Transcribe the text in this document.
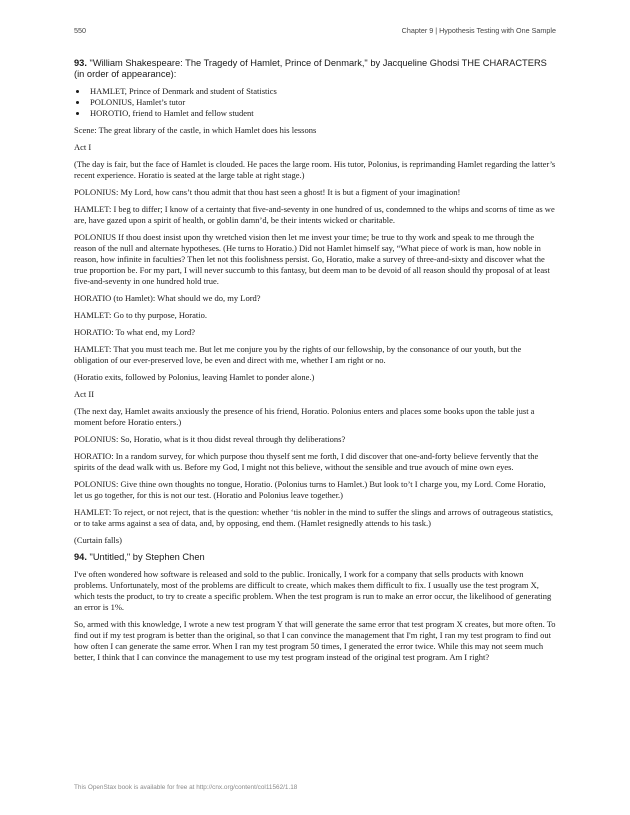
550	Chapter 9 | Hypothesis Testing with One Sample

93. "William Shakespeare: The Tragedy of Hamlet, Prince of Denmark," by Jacqueline Ghodsi THE CHARACTERS (in order of appearance):

• HAMLET, Prince of Denmark and student of Statistics
• POLONIUS, Hamlet’s tutor
• HOROTIO, friend to Hamlet and fellow student

Scene: The great library of the castle, in which Hamlet does his lessons

Act I

(The day is fair, but the face of Hamlet is clouded. He paces the large room. His tutor, Polonius, is reprimanding Hamlet regarding the latter’s recent experience. Horatio is seated at the large table at right stage.)

POLONIUS: My Lord, how cans’t thou admit that thou hast seen a ghost! It is but a figment of your imagination!

HAMLET: I beg to differ; I know of a certainty that five-and-seventy in one hundred of us, condemned to the whips and scorns of time as we are, have gazed upon a spirit of health, or goblin damn’d, be their intents wicked or charitable.

POLONIUS If thou doest insist upon thy wretched vision then let me invest your time; be true to thy work and speak to me through the reason of the null and alternate hypotheses. (He turns to Horatio.) Did not Hamlet himself say, “What piece of work is man, how noble in reason, how infinite in faculties? Then let not this foolishness persist. Go, Horatio, make a survey of three-and-sixty and discover what the true proportion be. For my part, I will never succumb to this fantasy, but deem man to be devoid of all reason should thy proposal of at least five-and-seventy in one hundred hold true.

HORATIO (to Hamlet): What should we do, my Lord?

HAMLET: Go to thy purpose, Horatio.

HORATIO: To what end, my Lord?

HAMLET: That you must teach me. But let me conjure you by the rights of our fellowship, by the consonance of our youth, but the obligation of our ever-preserved love, be even and direct with me, whether I am right or no.

(Horatio exits, followed by Polonius, leaving Hamlet to ponder alone.)

Act II

(The next day, Hamlet awaits anxiously the presence of his friend, Horatio. Polonius enters and places some books upon the table just a moment before Horatio enters.)

POLONIUS: So, Horatio, what is it thou didst reveal through thy deliberations?

HORATIO: In a random survey, for which purpose thou thyself sent me forth, I did discover that one-and-forty believe fervently that the spirits of the dead walk with us. Before my God, I might not this believe, without the sensible and true avouch of mine own eyes.

POLONIUS: Give thine own thoughts no tongue, Horatio. (Polonius turns to Hamlet.) But look to’t I charge you, my Lord. Come Horatio, let us go together, for this is not our test. (Horatio and Polonius leave together.)

HAMLET: To reject, or not reject, that is the question: whether ‘tis nobler in the mind to suffer the slings and arrows of outrageous statistics, or to take arms against a sea of data, and, by opposing, end them. (Hamlet resignedly attends to his task.)

(Curtain falls)

94. "Untitled," by Stephen Chen

I've often wondered how software is released and sold to the public. Ironically, I work for a company that sells products with known problems. Unfortunately, most of the problems are difficult to create, which makes them difficult to fix. I usually use the test program X, which tests the product, to try to create a specific problem. When the test program is run to make an error occur, the likelihood of generating an error is 1%.

So, armed with this knowledge, I wrote a new test program Y that will generate the same error that test program X creates, but more often. To find out if my test program is better than the original, so that I can convince the management that I'm right, I ran my test program to find out how often I can generate the same error. When I ran my test program 50 times, I generated the error twice. While this may not seem much better, I think that I can convince the management to use my test program instead of the original test program. Am I right?

This OpenStax book is available for free at http://cnx.org/content/col11562/1.18
